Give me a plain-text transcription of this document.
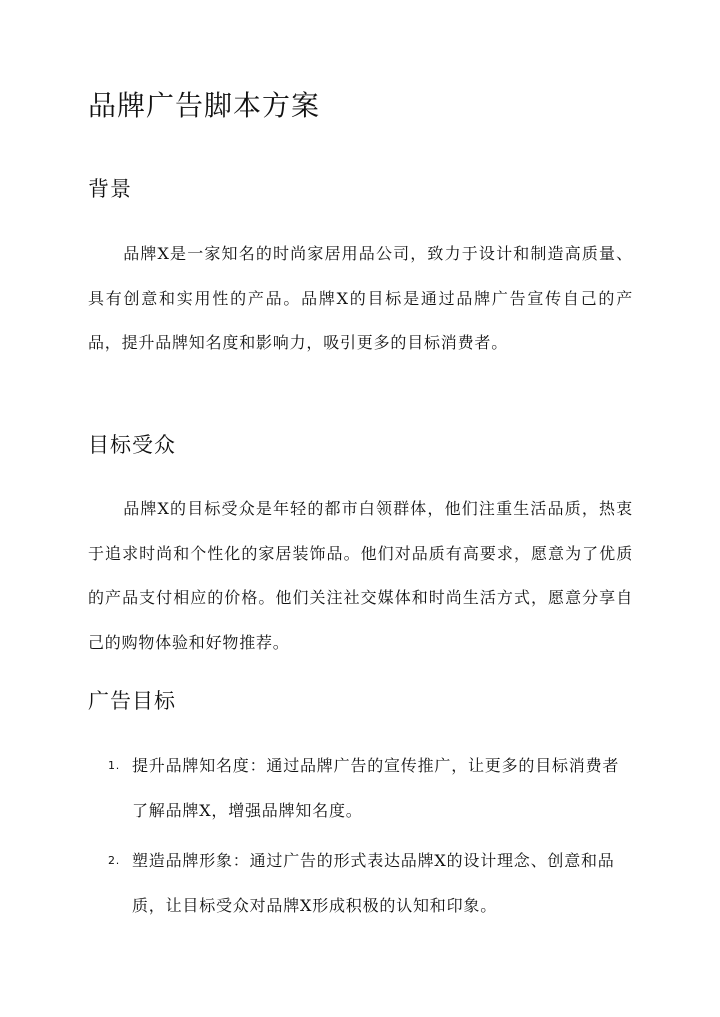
品牌广告脚本方案
背景

品牌X是一家知名的时尚家居用品公司，致力于设计和制造高质量、具有创意和实用性的产品。品牌X的目标是通过品牌广告宣传自己的产品，提升品牌知名度和影响力，吸引更多的目标消费者。

目标受众

品牌X的目标受众是年轻的都市白领群体，他们注重生活品质，热衷于追求时尚和个性化的家居装饰品。他们对品质有高要求，愿意为了优质的产品支付相应的价格。他们关注社交媒体和时尚生活方式，愿意分享自己的购物体验和好物推荐。

广告目标
1. 提升品牌知名度：通过品牌广告的宣传推广，让更多的目标消费者了解品牌X，增强品牌知名度。
2. 塑造品牌形象：通过广告的形式表达品牌X的设计理念、创意和品质，让目标受众对品牌X形成积极的认知和印象。
